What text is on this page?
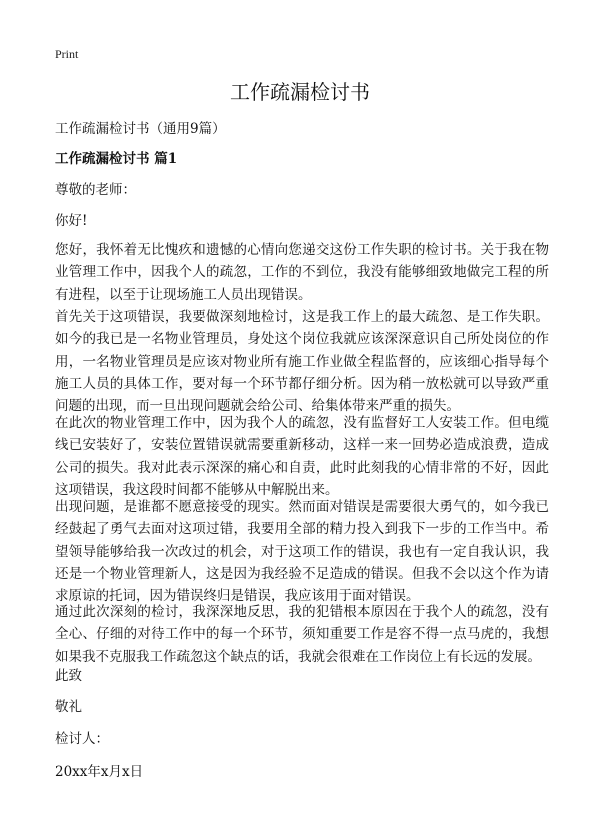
Print
工作疏漏检讨书
工作疏漏检讨书（通用9篇）
工作疏漏检讨书 篇1
尊敬的老师：
你好!
您好，我怀着无比愧疚和遗憾的心情向您递交这份工作失职的检讨书。关于我在物业管理工作中，因我个人的疏忽，工作的不到位，我没有能够细致地做完工程的所有进程，以至于让现场施工人员出现错误。
首先关于这项错误，我要做深刻地检讨，这是我工作上的最大疏忽、是工作失职。如今的我已是一名物业管理员，身处这个岗位我就应该深深意识自己所处岗位的作用，一名物业管理员是应该对物业所有施工作业做全程监督的，应该细心指导每个施工人员的具体工作，要对每一个环节都仔细分析。因为稍一放松就可以导致严重问题的出现，而一旦出现问题就会给公司、给集体带来严重的损失。
在此次的物业管理工作中，因为我个人的疏忽，没有监督好工人安装工作。但电缆线已安装好了，安装位置错误就需要重新移动，这样一来一回势必造成浪费，造成公司的损失。我对此表示深深的痛心和自责，此时此刻我的心情非常的不好，因此这项错误，我这段时间都不能够从中解脱出来。
出现问题，是谁都不愿意接受的现实。然而面对错误是需要很大勇气的，如今我已经鼓起了勇气去面对这项过错，我要用全部的精力投入到我下一步的工作当中。希望领导能够给我一次改过的机会，对于这项工作的错误，我也有一定自我认识，我还是一个物业管理新人，这是因为我经验不足造成的错误。但我不会以这个作为请求原谅的托词，因为错误终归是错误，我应该用于面对错误。
通过此次深刻的检讨，我深深地反思，我的犯错根本原因在于我个人的疏忽，没有全心、仔细的对待工作中的每一个环节，须知重要工作是容不得一点马虎的，我想如果我不克服我工作疏忽这个缺点的话，我就会很难在工作岗位上有长远的发展。
此致
敬礼
检讨人：
20xx年x月x日
